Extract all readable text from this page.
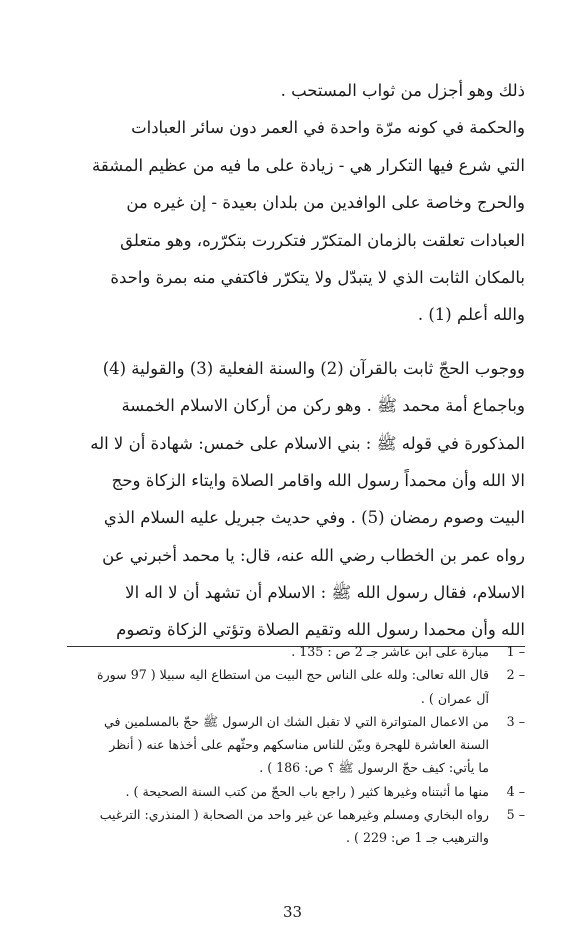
ذلك وهو أجزل من ثواب المستحب .
والحكمة في كونه مرّة واحدة في العمر دون سائر العبادات
التي شرع فيها التكرار هي - زيادة على ما فيه من عظيم المشقة
والحرج وخاصة على الوافدين من بلدان بعيدة - إن غيره من
العبادات تعلقت بالزمان المتكرّر فتكررت بتكرّره، وهو متعلق
بالمكان الثابت الذي لا يتبدّل ولا يتكرّر فاكتفي منه بمرة واحدة
والله أعلم (1) .
ووجوب الحجّ ثابت بالقرآن (2) والسنة الفعلية (3) والقولية (4)
وباجماع أمة محمد ﷺ . وهو ركن من أركان الاسلام الخمسة
المذكورة في قوله ﷺ : بني الاسلام على خمس: شهادة أن لا اله
الا الله وأن محمداً رسول الله واقامر الصلاة وايتاء الزكاة وحج
البيت وصوم رمضان (5) . وفي حديث جبريل عليه السلام الذي
رواه عمر بن الخطاب رضي الله عنه، قال: يا محمد أخبرني عن
الاسلام، فقال رسول الله ﷺ : الاسلام أن تشهد أن لا اله الا
الله وأن محمدا رسول الله وتقيم الصلاة وتؤتي الزكاة وتصوم
1 –
مبارة على ابن عاشر جـ 2 ص : 135 .
2 –
قال الله تعالى: ولله على الناس حج البيت من استطاع اليه سبيلا ( 97 سورة
آل عمران ) .
3 –
من الاعمال المتواترة التي لا تقبل الشك ان الرسول ﷺ حجّ بالمسلمين في
السنة العاشرة للهجرة وبيّن للناس مناسكهم وحثّهم على أخذها عنه ( أنظر
ما يأتي: كيف حجّ الرسول ﷺ ؟ ص: 186 ) .
4 –
منها ما أثبتناه وغيرها كثير ( راجع باب الحجّ من كتب السنة الصحيحة ) .
5 –
رواه البخاري ومسلم وغيرهما عن غير واحد من الصحابة ( المنذري: الترغيب
والترهيب جـ 1 ص: 229 ) .
33
